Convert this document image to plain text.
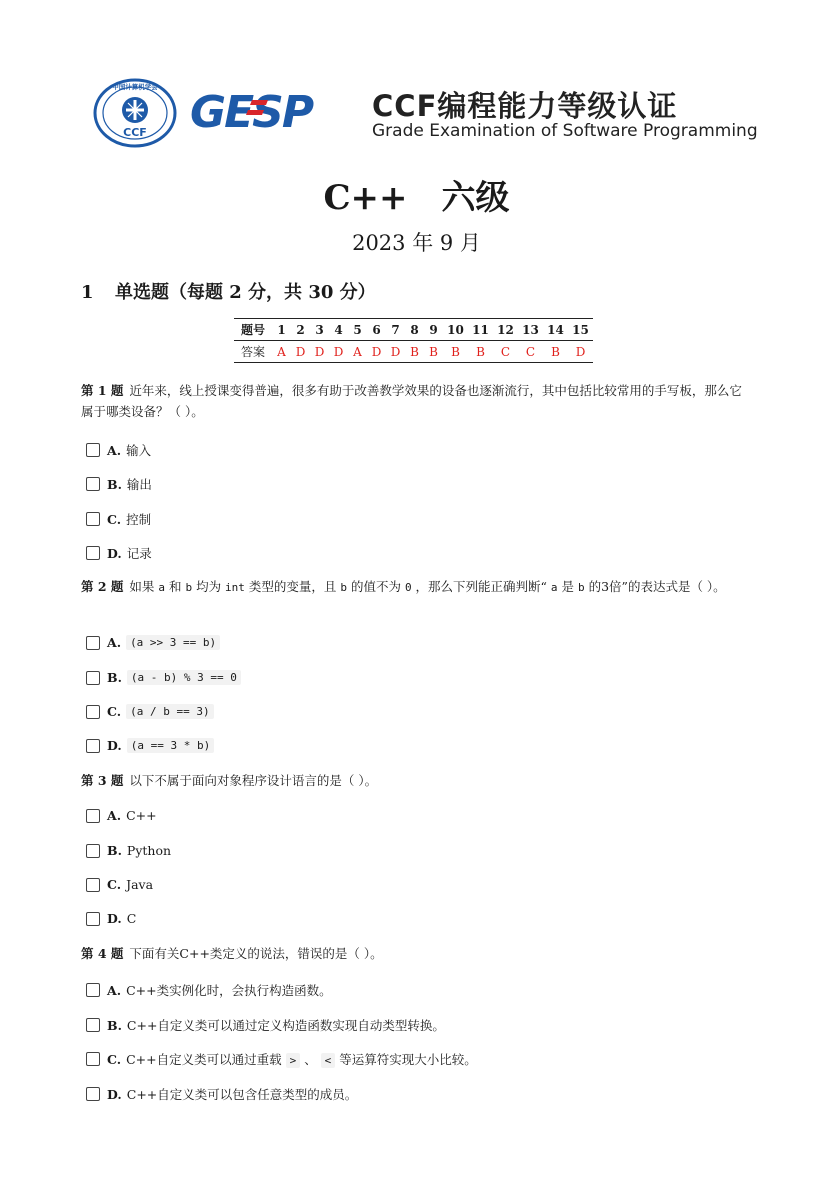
中国计算机学会
CCF GESP CCF编程能力等级认证
Grade Examination of Software Programming
C++ 六级
2023 年 9 月
1 单选题（每题 2 分，共 30 分）
题号	1	2	3	4	5	6	7	8	9	10	11	12	13	14	15
答案	A	D	D	D	A	D	D	B	B	B	B	C	C	B	D
第 1 题 近年来，线上授课变得普遍，很多有助于改善教学效果的设备也逐渐流行，其中包括比较常用的手写板，那么它属于哪类设备？（ ）。
A. 输入
B. 输出
C. 控制
D. 记录
第 2 题 如果 a 和 b 均为 int 类型的变量，且 b 的值不为 0 ，那么下列能正确判断“ a 是 b 的3倍”的表达式是（ ）。
A. (a >> 3 == b)
B. (a - b) % 3 == 0
C. (a / b == 3)
D. (a == 3 * b)
第 3 题 以下不属于面向对象程序设计语言的是（ ）。
A. C++
B. Python
C. Java
D. C
第 4 题 下面有关C++类定义的说法，错误的是（ ）。
A. C++类实例化时，会执行构造函数。
B. C++自定义类可以通过定义构造函数实现自动类型转换。
C. C++自定义类可以通过重载 > 、 < 等运算符实现大小比较。
D. C++自定义类可以包含任意类型的成员。
